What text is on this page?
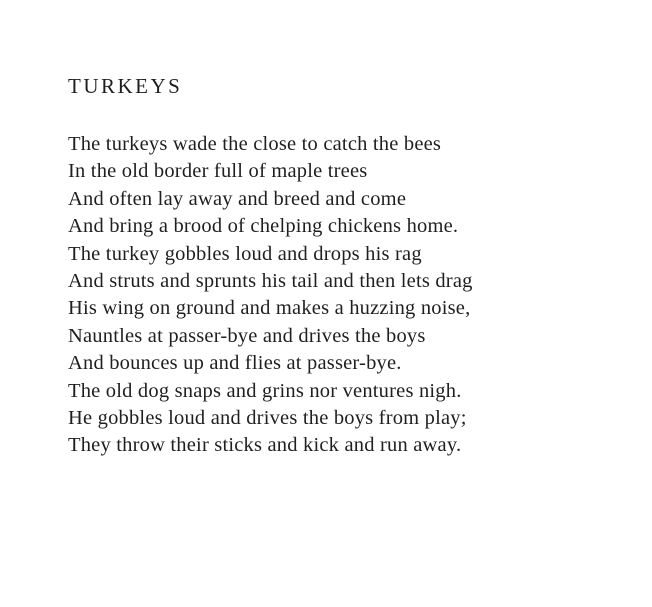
TURKEYS
The turkeys wade the close to catch the bees
In the old border full of maple trees
And often lay away and breed and come
And bring a brood of chelping chickens home.
The turkey gobbles loud and drops his rag
And struts and sprunts his tail and then lets drag
His wing on ground and makes a huzzing noise,
Nauntles at passer-bye and drives the boys
And bounces up and flies at passer-bye.
The old dog snaps and grins nor ventures nigh.
He gobbles loud and drives the boys from play;
They throw their sticks and kick and run away.
